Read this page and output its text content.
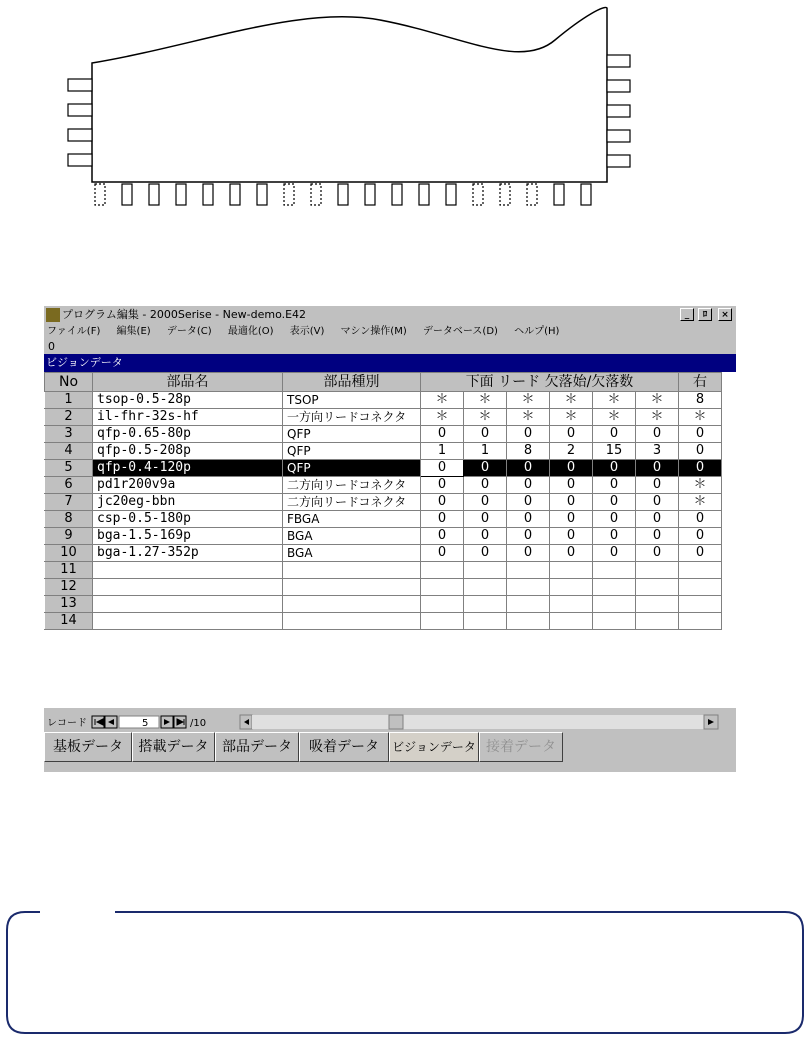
プログラム編集 - 2000Serise - New-demo.E42	_	ﾛ	×
ファイル(F) 編集(E) データ(C) 最適化(O) 表示(V) マシン操作(M) データベース(D) ヘルプ(H)
0
ビジョンデータ
No	部品名	部品種別	下面 リード 欠落始/欠落数						右
1	tsop-0.5-28p	TSOP	＊	＊	＊	＊	＊	＊	8
2	il-fhr-32s-hf	一方向リードコネクタ	＊	＊	＊	＊	＊	＊	＊
3	qfp-0.65-80p	QFP	0	0	0	0	0	0	0
4	qfp-0.5-208p	QFP	1	1	8	2	15	3	0
5	qfp-0.4-120p	QFP	0	0	0	0	0	0	0
6	pd1r200v9a	二方向リードコネクタ	0	0	0	0	0	0	＊
7	jc20eg-bbn	二方向リードコネクタ	0	0	0	0	0	0	＊
8	csp-0.5-180p	FBGA	0	0	0	0	0	0	0
9	bga-1.5-169p	BGA	0	0	0	0	0	0	0
10	bga-1.27-352p	BGA	0	0	0	0	0	0	0
11									
12									
13									
14									
レコード	5	/10
基板データ	搭載データ 部品データ	吸着データ	ビジョンデータ 接着データ
